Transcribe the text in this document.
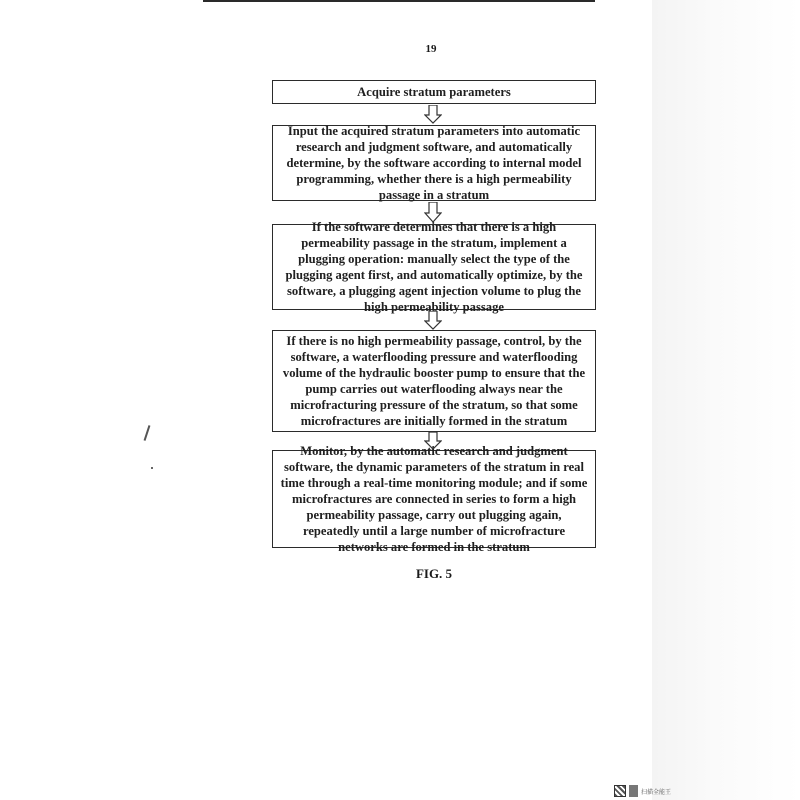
19
Acquire stratum parameters
Input the acquired stratum parameters into automatic research and judgment software, and automatically determine, by the software according to internal model programming, whether there is a high permeability passage in a stratum
If the software determines that there is a high permeability passage in the stratum, implement a plugging operation: manually select the type of the plugging agent first, and automatically optimize, by the software, a plugging agent injection volume to plug the high permeability passage
If there is no high permeability passage, control, by the software, a waterflooding pressure and waterflooding volume of the hydraulic booster pump to ensure that the pump carries out waterflooding always near the microfracturing pressure of the stratum, so that some microfractures are initially formed in the stratum
Monitor, by the automatic research and judgment software, the dynamic parameters of the stratum in real time through a real-time monitoring module; and if some microfractures are connected in series to form a high permeability passage, carry out plugging again, repeatedly until a large number of microfracture networks are formed in the stratum
FIG. 5
扫描全能王
